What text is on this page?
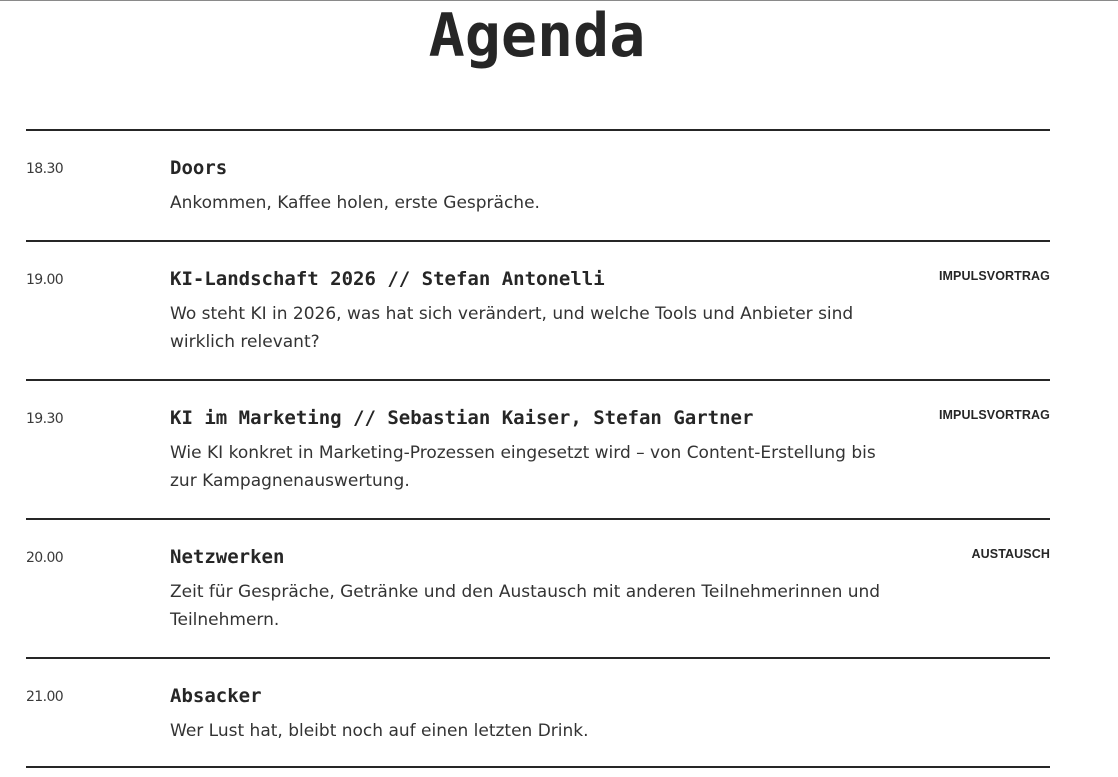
Agenda
18.30	Doors
Ankommen, Kaffee holen, erste Gespräche.
19.00	KI-Landschaft 2026 // Stefan Antonelli
Wo steht KI in 2026, was hat sich verändert, und welche Tools und Anbieter sind wirklich relevant?
IMPULSVORTRAG
19.30	KI im Marketing // Sebastian Kaiser, Stefan Gartner
Wie KI konkret in Marketing-Prozessen eingesetzt wird – von Content-Erstellung bis zur Kampagnenauswertung.
IMPULSVORTRAG
20.00	Netzwerken
Zeit für Gespräche, Getränke und den Austausch mit anderen Teilnehmerinnen und Teilnehmern.
AUSTAUSCH
21.00	Absacker
Wer Lust hat, bleibt noch auf einen letzten Drink.
